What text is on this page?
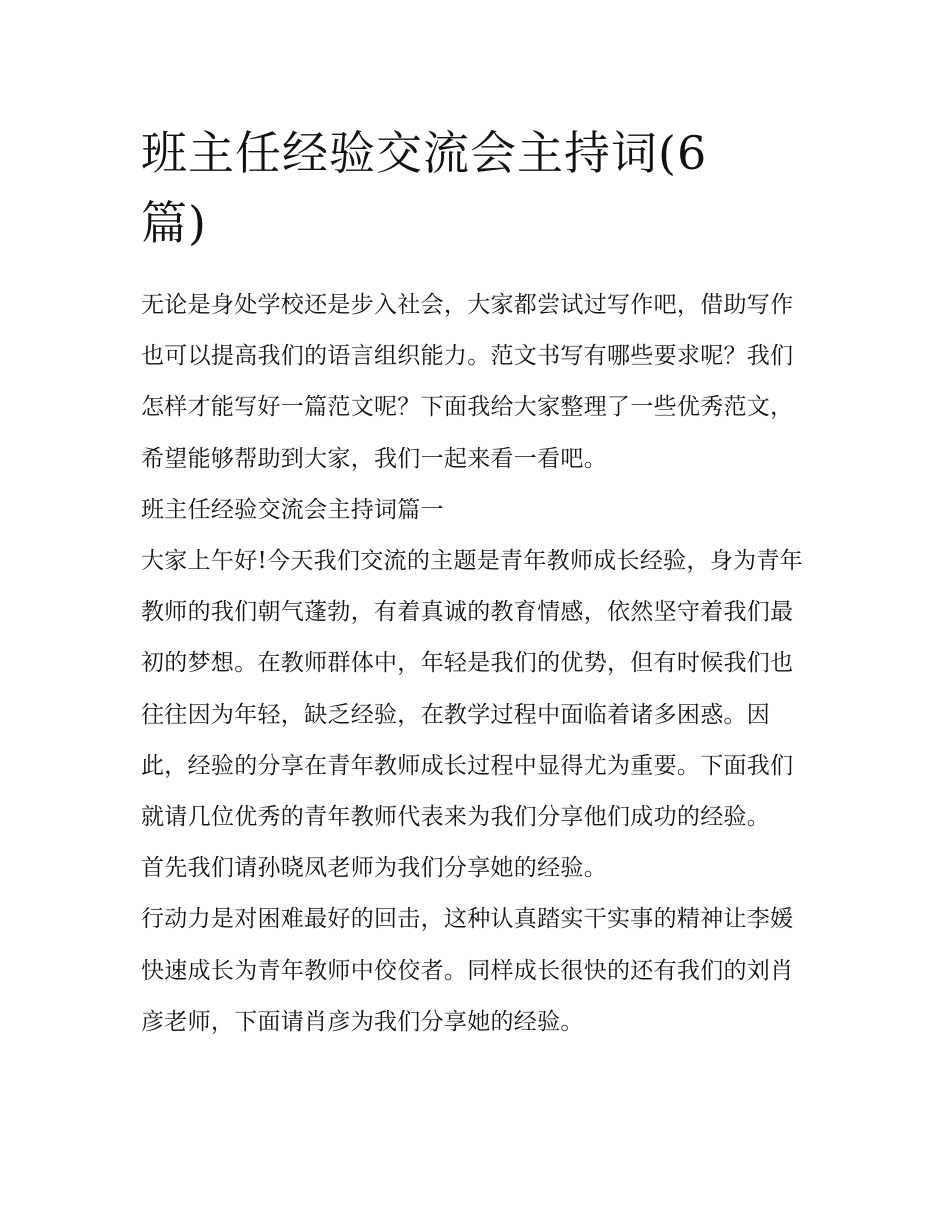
班主任经验交流会主持词(6篇)

无论是身处学校还是步入社会，大家都尝试过写作吧，借助写作也可以提高我们的语言组织能力。范文书写有哪些要求呢？我们怎样才能写好一篇范文呢？下面我给大家整理了一些优秀范文，希望能够帮助到大家，我们一起来看一看吧。

班主任经验交流会主持词篇一

大家上午好!今天我们交流的主题是青年教师成长经验，身为青年教师的我们朝气蓬勃，有着真诚的教育情感，依然坚守着我们最初的梦想。在教师群体中，年轻是我们的优势，但有时候我们也往往因为年轻，缺乏经验，在教学过程中面临着诸多困惑。因此，经验的分享在青年教师成长过程中显得尤为重要。下面我们就请几位优秀的青年教师代表来为我们分享他们成功的经验。

首先我们请孙晓凤老师为我们分享她的经验。

行动力是对困难最好的回击，这种认真踏实干实事的精神让李媛快速成长为青年教师中佼佼者。同样成长很快的还有我们的刘肖彦老师，下面请肖彦为我们分享她的经验。
